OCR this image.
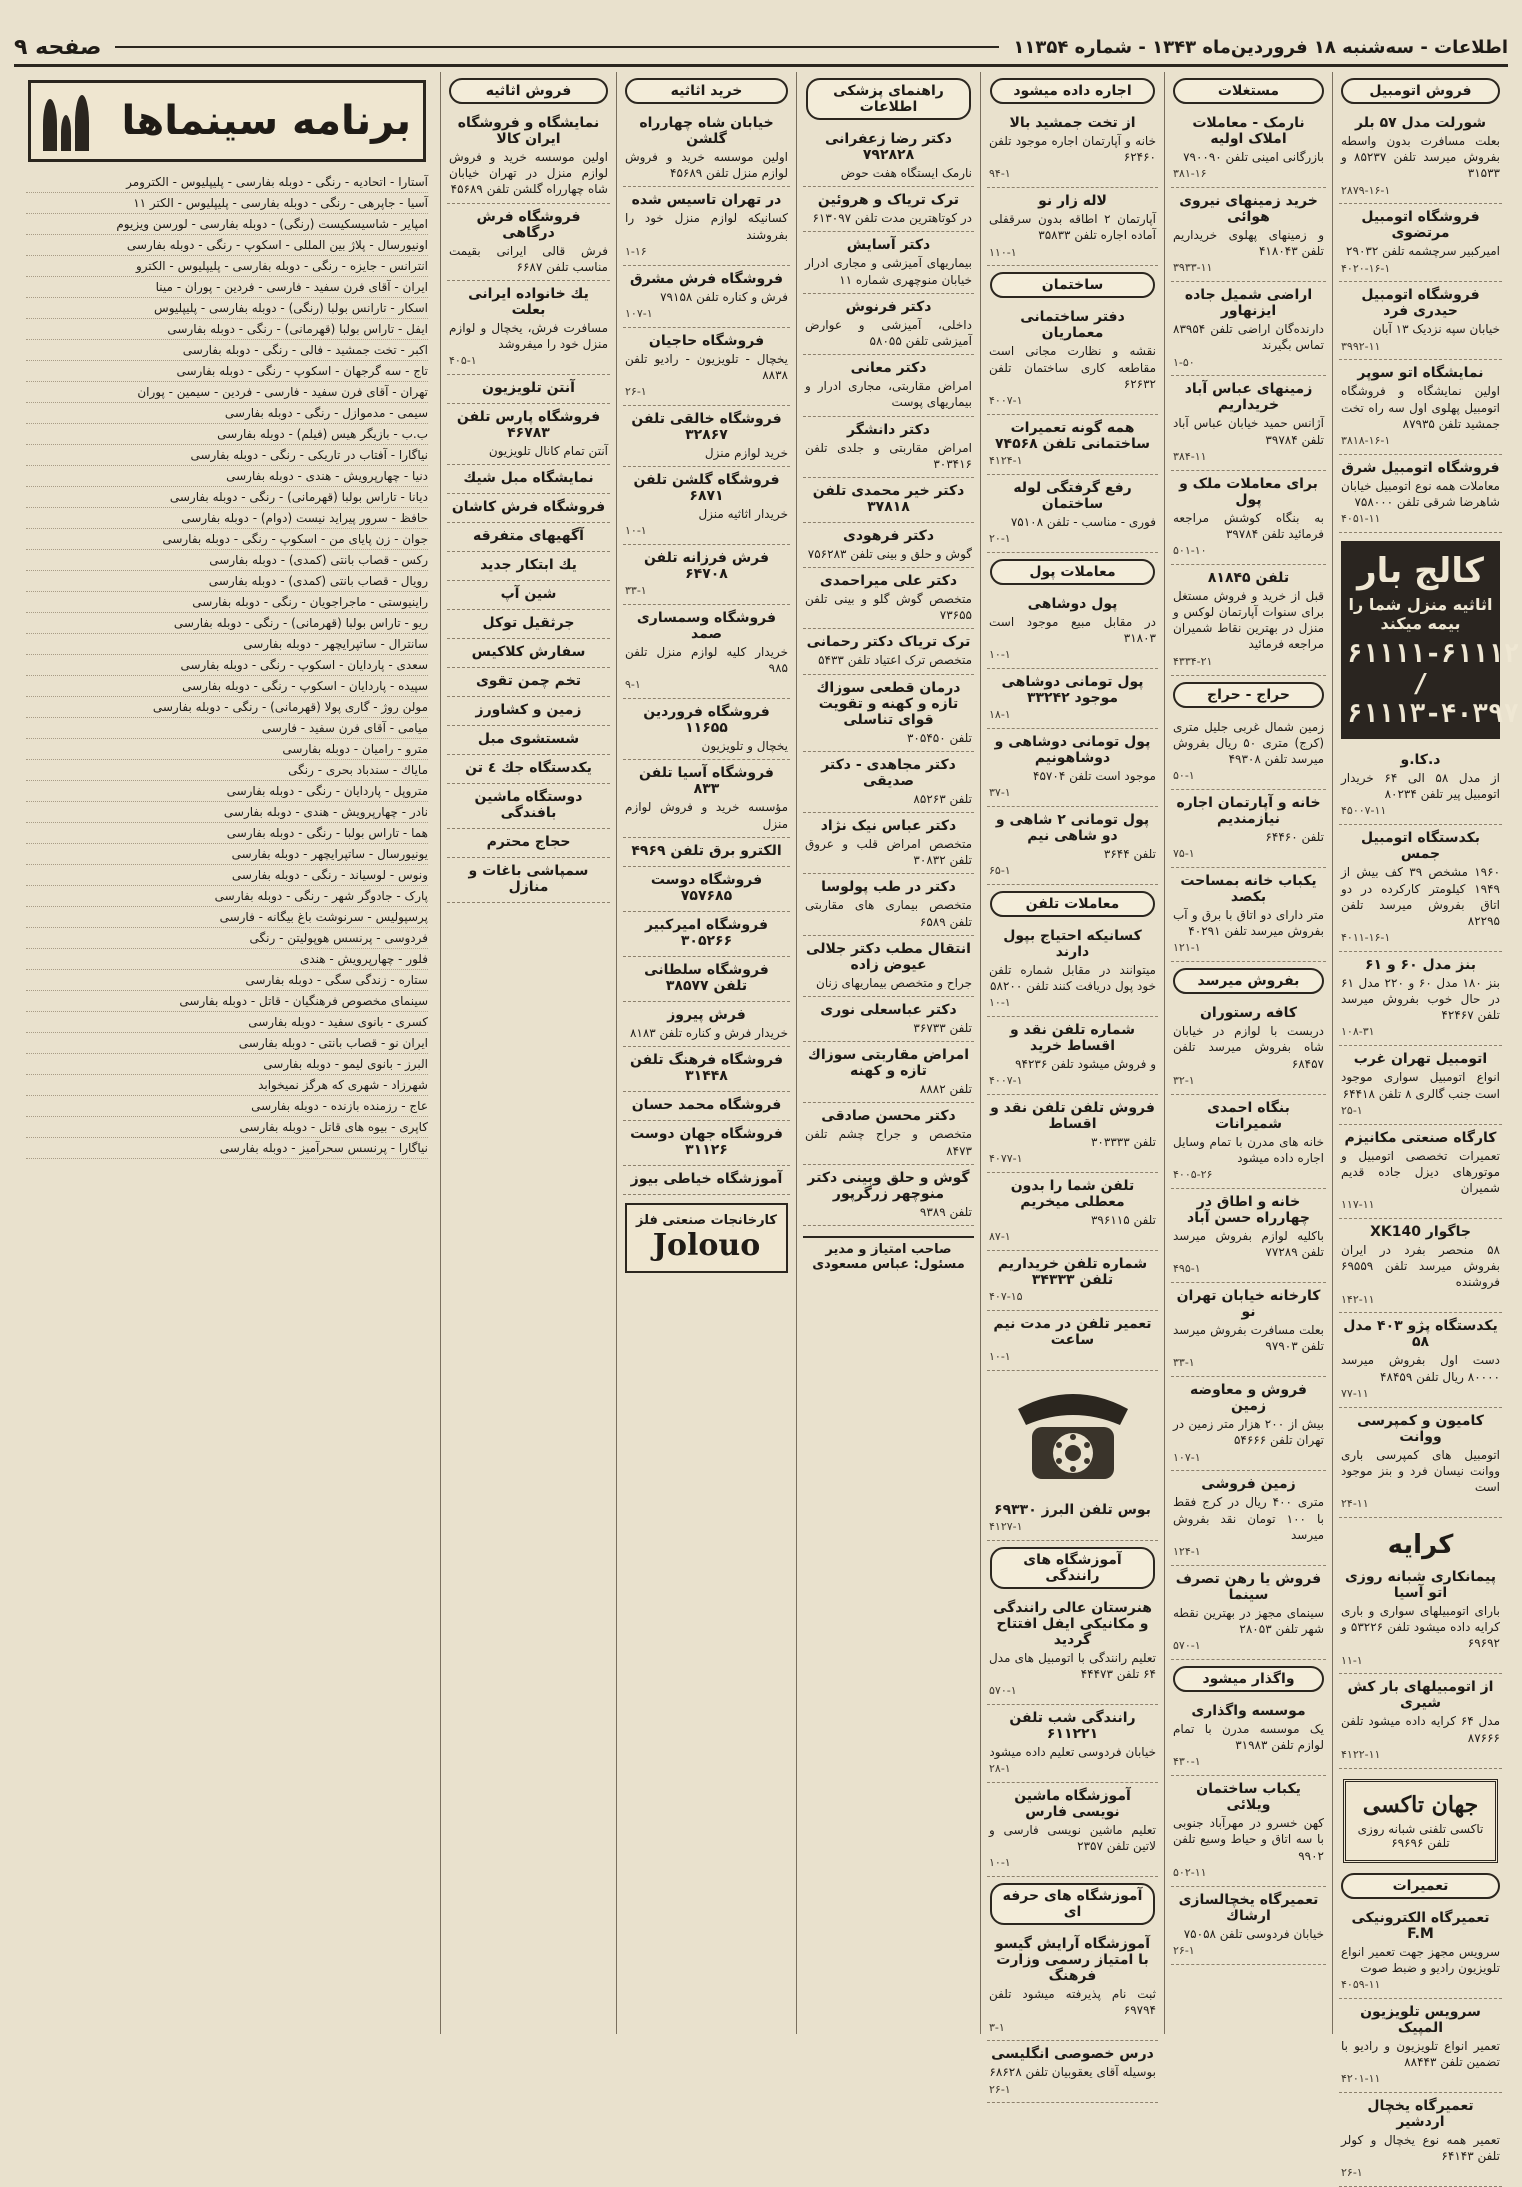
اطلاعات - سه‌شنبه ۱۸ فروردین‌ماه ۱۳۴۳ - شماره ۱۱۳۵۴
صفحه ۹
فروش اتومبیل
شورلت مدل ۵۷ بلر
بعلت مسافرت بدون واسطه بفروش میرسد تلفن ۸۵۲۳۷ و ۳۱۵۳۳
۲۸۷۹-۱۶-۱
فروشگاه اتومبیل مرتضوی
امیرکبیر سرچشمه تلفن ۲۹۰۳۲
۴۰۲۰-۱۶-۱
فروشگاه اتومبیل حیدری فرد
خیابان سپه نزدیک ۱۳ آبان
۳۹۹۲-۱۱
نمایشگاه اتو سوپر
اولین نمایشگاه و فروشگاه اتومبیل پهلوی اول سه راه تخت جمشید تلفن ۸۷۹۳۵
۳۸۱۸-۱۶-۱
فروشگاه اتومبیل شرق
معاملات همه نوع اتومبیل خیابان شاهرضا شرقی تلفن ۷۵۸۰۰۰
۴۰۵۱-۱۱
کالج بار
اثاثیه منزل شما را بیمه میکند
۶۱۱۱۱-۶۱۱۱۲ / ۶۱۱۱۳-۴۰۳۹۷
د.کا.و
از مدل ۵۸ الی ۶۴ خریدار اتومبیل پیر تلفن ۸۰۲۳۴
۴۵۰۰۷-۱۱
بکدستگاه اتومبیل جمس
۱۹۶۰ مشخص ۳۹ کف بیش از ۱۹۴۹ کیلومتر کارکرده در دو اتاق بفروش میرسد تلفن ۸۲۲۹۵
۴۰۱۱-۱۶-۱
بنز مدل ۶۰ و ۶۱
بنز ۱۸۰ مدل ۶۰ و ۲۲۰ مدل ۶۱ در حال خوب بفروش میرسد تلفن ۴۲۴۶۷
۱۰۸-۳۱
اتومبیل تهران غرب
انواع اتومبیل سواری موجود است جنب گالری ۸ تلفن ۶۴۴۱۸
۲۵-۱
کارگاه صنعتی مکانیزم
تعمیرات تخصصی اتومبیل و موتورهای دیزل جاده قدیم شمیران
۱۱۷-۱۱
جاگوار XK140
۵۸ منحصر بفرد در ایران بفروش میرسد تلفن ۶۹۵۵۹ فروشنده
۱۴۲-۱۱
یکدستگاه پژو ۴۰۳ مدل ۵۸
دست اول بفروش میرسد ۸۰۰۰۰ ریال تلفن ۴۸۴۵۹
۷۷-۱۱
کامیون و کمپرسی ووانت
اتومبیل های کمپرسی باری ووانت نیسان فرد و بنز موجود است
۲۴-۱۱
کرایه
پیمانکاری شبانه روزی اتو آسیا
بارای اتومبیلهای سواری و باری کرایه داده میشود تلفن ۵۳۲۲۶ و ۶۹۶۹۲
۱۱-۱
از اتومبیلهای بار کش شیری
مدل ۶۴ کرایه داده میشود تلفن ۸۷۶۶۶
۴۱۲۲-۱۱
جهان تاکسی
تاکسی تلفنی شبانه روزی تلفن ۶۹۶۹۶
تعمیرات
تعمیرگاه الکترونیکی F.M
سرویس مجهز جهت تعمیر انواع تلویزیون رادیو و ضبط صوت
۴۰۵۹-۱۱
سرویس تلویزیون المپیک
تعمیر انواع تلویزیون و رادیو با تضمین تلفن ۸۸۴۴۳
۴۲۰۱-۱۱
تعمیرگاه یخچال اردشیر
تعمیر همه نوع یخچال و کولر تلفن ۶۴۱۴۳
۲۶-۱
مستغلات
نارمک - معاملات املاک اولیه
بازرگانی امینی تلفن ۷۹۰۰۹۰
۳۸۱-۱۶
خرید زمینهای نیروی هوائی
و زمینهای پهلوی خریداریم تلفن ۴۱۸۰۴۳
۳۹۳۳-۱۱
اراضی شمیل جاده ایزنهاور
دارنده‌گان اراضی تلفن ۸۳۹۵۴ تماس بگیرند
۱-۵۰
زمینهای عباس آباد خریداریم
آژانس حمید خیابان عباس آباد تلفن ۳۹۷۸۴
۳۸۴-۱۱
برای معاملات ملک و پول
به بنگاه کوشش مراجعه فرمائید تلفن ۳۹۷۸۴
۵۰۱-۱۰
تلفن ۸۱۸۴۵
قبل از خرید و فروش مستغل برای سنوات آپارتمان لوکس و منزل در بهترین نقاط شمیران مراجعه فرمائید
۴۳۳۴-۲۱
حراج - حراج
زمین شمال غربی جلیل متری (کرج) متری ۵۰ ریال بفروش میرسد تلفن ۴۹۳۰۸
۵۰-۱
خانه و آپارتمان اجاره نیازمندیم
تلفن ۶۴۴۶۰
۷۵-۱
یکباب خانه بمساحت بکصد
متر دارای دو اتاق با برق و آب بفروش میرسد تلفن ۴۰۲۹۱
۱۲۱-۱
بفروش میرسد
کافه رستوران
دربست با لوازم در خیابان شاه بفروش میرسد تلفن ۶۸۴۵۷
۳۲-۱
بنگاه احمدی شمیرانات
خانه های مدرن با تمام وسایل اجاره داده میشود
۴۰۰۵-۲۶
خانه و اطاق در چهارراه حسن آباد
باکلیه لوازم بفروش میرسد تلفن ۷۷۲۸۹
۴۹۵-۱
کارخانه خیابان تهران نو
بعلت مسافرت بفروش میرسد تلفن ۹۷۹۰۳
۳۳-۱
فروش و معاوضه زمین
بیش از ۲۰۰ هزار متر زمین در تهران تلفن ۵۴۶۶۶
۱۰۷-۱
زمین فروشی
متری ۴۰۰ ریال در کرج فقط با ۱۰۰ تومان نقد بفروش میرسد
۱۲۴-۱
فروش یا رهن تصرف سینما
سینمای مجهز در بهترین نقطه شهر تلفن ۲۸۰۵۳
۵۷۰-۱
واگذار میشود
موسسه واگذاری
یک موسسه مدرن با تمام لوازم تلفن ۳۱۹۸۳
۴۳۰-۱
یکباب ساختمان ویلائی
کهن خسرو در مهرآباد جنوبی با سه اتاق و حیاط وسیع تلفن ۹۹۰۲
۵۰۲-۱۱
تعمیرگاه یخچالسازی ارشاك
خیابان فردوسی تلفن ۷۵۰۵۸
۲۶-۱
اجاره داده میشود
از تخت جمشید بالا
خانه و آپارتمان اجاره موجود تلفن ۶۲۴۶۰
۹۴-۱
لاله زار نو
آپارتمان ۲ اطاقه بدون سرقفلی آماده اجاره تلفن ۳۵۸۳۳
۱۱۰-۱
ساختمان
دفتر ساختمانی معماریان
نقشه و نظارت مجانی است مقاطعه کاری ساختمان تلفن ۶۲۶۳۲
۴۰۰۷-۱
همه گونه تعمیرات ساختمانی تلفن ۷۴۵۶۸
۴۱۲۴-۱
رفع گرفتگی لوله ساختمان
فوری - مناسب - تلفن ۷۵۱۰۸
۲۰-۱
معاملات پول
پول دوشاهی
در مقابل مبیع موجود است ۳۱۸۰۳
۱۰-۱
پول تومانی دوشاهی موجود ۳۳۲۴۲
۱۸-۱
پول تومانی دوشاهی و دوشاهونیم
موجود است تلفن ۴۵۷۰۴
۳۷-۱
پول تومانی ۲ شاهی و دو شاهی نیم
تلفن ۳۶۴۴
۶۵-۱
معاملات تلفن
کسانیکه احتیاج بپول دارند
میتوانند در مقابل شماره تلفن خود پول دریافت کنند تلفن ۵۸۲۰۰
۱۰-۱
شماره تلفن نقد و اقساط خرید
و فروش میشود تلفن ۹۴۲۳۶
۴۰۰۷-۱
فروش تلفن تلفن نقد و اقساط
تلفن ۳۰۳۳۳۳
۴۰۷۷-۱
تلفن شما را بدون معطلی میخریم
تلفن ۳۹۶۱۱۵
۸۷-۱
شماره تلفن خریداریم تلفن ۳۴۳۳۳
۴۰۷-۱۵
تعمیر تلفن در مدت نیم ساعت
۱۰-۱
بوس تلفن البرز ۶۹۳۳۰
۴۱۲۷-۱
آموزشگاه های رانندگی
هنرستان عالی رانندگی و مکانیکی ایفل افتتاح گردید
تعلیم رانندگی با اتومبیل های مدل ۶۴ تلفن ۴۴۴۷۳
۵۷۰-۱
رانندگی شب تلفن ۶۱۱۲۲۱
خیابان فردوسی تعلیم داده میشود
۲۸-۱
آموزشگاه ماشین نویسی فارس
تعلیم ماشین نویسی فارسی و لاتین تلفن ۲۳۵۷
۱۰-۱
آموزشگاه های حرفه ای
آموزشگاه آرایش گیسو با امتیاز رسمی وزارت فرهنگ
ثبت نام پذیرفته میشود تلفن ۶۹۷۹۴
۳-۱
درس خصوصی انگلیسی
بوسیله آقای یعقوبیان تلفن ۶۸۶۲۸
۲۶-۱
راهنمای پزشکی اطلاعات
دکتر رضا زعفرانی ۷۹۲۸۲۸
نارمک ایستگاه هفت حوض
ترک تریاک و هروئین
در کوتاهترین مدت تلفن ۶۱۳۰۹۷
دکتر آسایش
بیماریهای آمیزشی و مجاری ادرار خیابان منوچهری شماره ۱۱
دکتر فرنوش
داخلی، آمیزشی و عوارض آمیزشی تلفن ۵۸۰۵۵
دکتر معانی
امراض مقاربتی، مجاری ادرار و بیماریهای پوست
دکتر دانشگر
امراض مقاربتی و جلدی تلفن ۳۰۳۴۱۶
دکتر خیر محمدی تلفن ۳۷۸۱۸
دکتر فرهودی
گوش و حلق و بینی تلفن ۷۵۶۲۸۳
دکتر علی میراحمدی
متخصص گوش گلو و بینی تلفن ۷۳۶۵۵
ترک تریاک دکتر رحمانی
متخصص ترک اعتیاد تلفن ۵۴۳۳
درمان قطعی سوزاك تازه و کهنه و تقویت قوای تناسلی
تلفن ۳۰۵۴۵۰
دکتر مجاهدی - دکتر صدیقی
تلفن ۸۵۲۶۳
دکتر عباس نیک نژاد
متخصص امراض قلب و عروق تلفن ۳۰۸۳۲
دکتر در طب پولوسا
متخصص بیماری های مقاربتی تلفن ۶۵۸۹
انتقال مطب دکتر جلالی عیوض زاده
جراح و متخصص بیماریهای زنان
دکتر عباسعلی نوری
تلفن ۳۶۷۳۳
امراض مقاربتی سوزاك تازه و کهنه
تلفن ۸۸۸۲
دکتر محسن صادقی
متخصص و جراح چشم تلفن ۸۴۷۳
گوش و حلق وبینی دکتر منوچهر زرگرپور
تلفن ۹۳۸۹
صاحب امتیاز و مدیر مسئول: عباس مسعودی
خرید اثاثیه
خیابان شاه چهارراه گلشن
اولین موسسه خرید و فروش لوازم منزل تلفن ۴۵۶۸۹
در تهران تاسیس شده
کسانیکه لوازم منزل خود را بفروشند
۱-۱۶
فروشگاه فرش مشرق
فرش و کناره تلفن ۷۹۱۵۸
۱۰۷-۱
فروشگاه حاجیان
یخچال - تلویزیون - رادیو تلفن ۸۸۳۸
۲۶-۱
فروشگاه خالقی تلفن ۳۲۸۶۷
خرید لوازم منزل
فروشگاه گلشن تلفن ۶۸۷۱
خریدار اثاثیه منزل
۱۰-۱
فرش فرزانه تلفن ۶۴۷۰۸
۳۳-۱
فروشگاه وسمساری صمد
خریدار کلیه لوازم منزل تلفن ۹۸۵
۹-۱
فروشگاه فروردین ۱۱۶۵۵
یخچال و تلویزیون
فروشگاه آسیا تلفن ۸۳۳
مؤسسه خرید و فروش لوازم منزل
الکترو برق تلفن ۴۹۶۹
فروشگاه دوست ۷۵۷۶۸۵
فروشگاه امیرکبیر ۳۰۵۲۶۶
فروشگاه سلطانی تلفن ۳۸۵۷۷
فرش پیروز
خریدار فرش و کناره تلفن ۸۱۸۳
فروشگاه فرهنگ تلفن ۳۱۴۴۸
فروشگاه محمد حسان
فروشگاه جهان دوست ۳۱۱۲۶
آموزشگاه خیاطی بیوز
کارخانجات صنعتی فلز
Jolouo
فروش اثاثیه
نمایشگاه و فروشگاه ایران کالا
اولین موسسه خرید و فروش لوازم منزل در تهران خیابان شاه چهارراه گلشن تلفن ۴۵۶۸۹
فروشگاه فرش درگاهی
فرش قالی ایرانی بقیمت مناسب تلفن ۶۶۸۷
یك خانواده ایرانی بعلت
مسافرت فرش، یخچال و لوازم منزل خود را میفروشد
۴۰۵-۱
آنتن تلویزیون
فروشگاه پارس تلفن ۴۶۷۸۳
آنتن تمام کانال تلویزیون
نمایشگاه مبل شیك
فروشگاه فرش کاشان
آگهیهای متفرقه
یك ابتکار جدید
شین آپ
جرثقیل توکل
سفارش کلاکیس
تخم چمن تقوی
زمین و کشاورز
شستشوی مبل
یکدستگاه جك ٤ تن
دوستگاه ماشین بافندگی
حجاج محترم
سمپاشی باغات و منازل
برنامه سینماها
آستارا - اتحادیه - رنگی - دوبله بفارسی - پلیپلیوس - الکترومر
آسیا - جاپرهی - رنگی - دوبله بفارسی - پلیپلیوس - الکتر ۱۱
امپایر - شاسیسکیست (رنگی) - دوبله بفارسی - لورسن ویزیوم
اونیورسال - پلاژ بین المللی - اسکوپ - رنگی - دوبله بفارسی
انترانس - جایزه - رنگی - دوبله بفارسی - پلیپلیوس - الکترو
ایران - آقای فرن سفید - فارسی - فردین - پوران - مینا
اسکار - تارانس بولبا (رنگی) - دوبله بفارسی - پلیپلیوس
ایفل - تاراس بولبا (قهرمانی) - رنگی - دوبله بفارسی
اکبر - تخت جمشید - فالی - رنگی - دوبله بفارسی
تاج - سه گرجهان - اسکوپ - رنگی - دوبله بفارسی
تهران - آقای فرن سفید - فارسی - فردین - سیمین - پوران
سیمی - مدموازل - رنگی - دوبله بفارسی
ب.ب - بازیگر هیس (فیلم) - دوبله بفارسی
نیاگارا - آفتاب در تاریکی - رنگی - دوبله بفارسی
دنیا - چهارپرویش - هندی - دوبله بفارسی
دیانا - تاراس بولبا (قهرمانی) - رنگی - دوبله بفارسی
حافظ - سرور پیراید نیست (دوام) - دوبله بفارسی
جوان - زن پایای من - اسکوپ - رنگی - دوبله بفارسی
رکس - قصاب بانتی (کمدی) - دوبله بفارسی
رویال - قصاب بانتی (کمدی) - دوبله بفارسی
راینیوستی - ماجراجویان - رنگی - دوبله بفارسی
ریو - تاراس بولبا (قهرمانی) - رنگی - دوبله بفارسی
سانترال - ساتپرایچهر - دوبله بفارسی
سعدی - پاردایان - اسکوپ - رنگی - دوبله بفارسی
سپیده - پاردایان - اسکوپ - رنگی - دوبله بفارسی
مولن روژ - گاری پولا (قهرمانی) - رنگی - دوبله بفارسی
میامی - آقای فرن سفید - فارسی
مترو - رامیان - دوبله بفارسی
مایاك - سندباد بحری - رنگی
متروپل - پاردایان - رنگی - دوبله بفارسی
نادر - چهارپرویش - هندی - دوبله بفارسی
هما - تاراس بولبا - رنگی - دوبله بفارسی
یونیورسال - ساتپرایچهر - دوبله بفارسی
ونوس - لوسیاند - رنگی - دوبله بفارسی
پارک - جادوگر شهر - رنگی - دوبله بفارسی
پرسپولیس - سرنوشت باغ بیگانه - فارسی
فردوسی - پرنسس هوپولیتن - رنگی
فلور - چهارپرویش - هندی
ستاره - زندگی سگی - دوبله بفارسی
سینمای مخصوص فرهنگیان - قاتل - دوبله بفارسی
کسری - بانوی سفید - دوبله بفارسی
ایران نو - قصاب بانتی - دوبله بفارسی
البرز - بانوی لیمو - دوبله بفارسی
شهرزاد - شهری که هرگز نمیخوابد
عاج - رزمنده بازنده - دوبله بفارسی
کاپری - بیوه های قاتل - دوبله بفارسی
نیاگارا - پرنسس سحرآمیز - دوبله بفارسی
